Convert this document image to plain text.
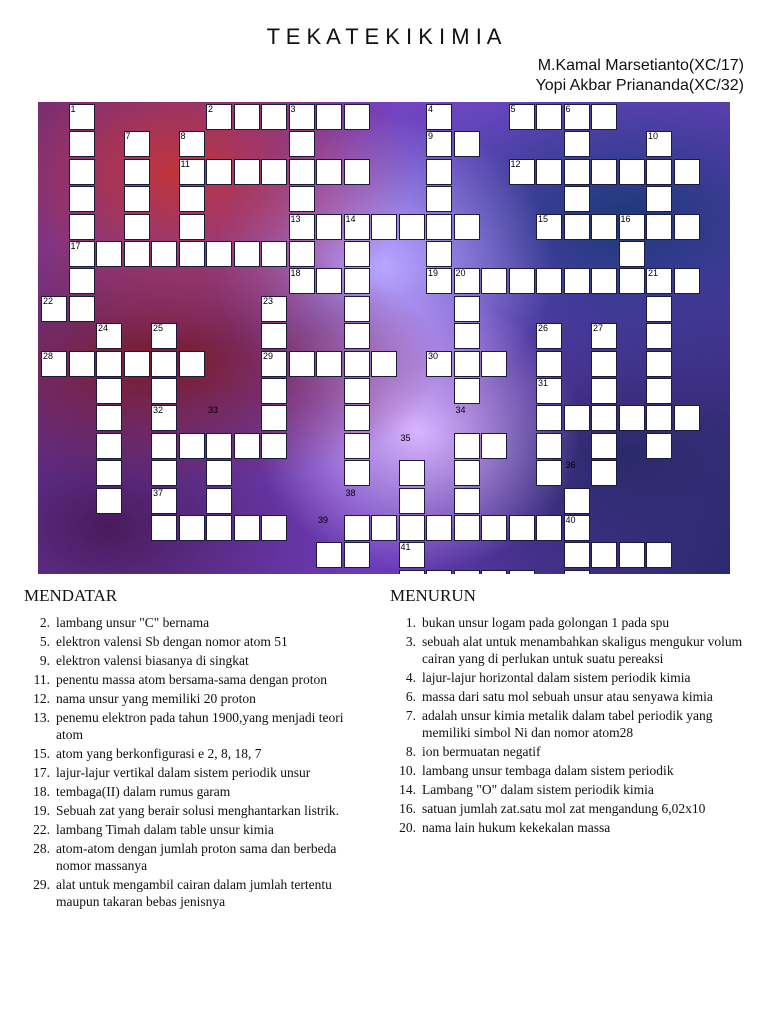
T E K A T E K I K I M I A
M.Kamal Marsetianto(XC/17)
Yopi Akbar Priananda(XC/32)
1	2	3	4	5	6
7	8	9	10
11	12
13	14	15	16
17
18	19 20	21
22	23
24	25	26	27
28	29	30
31
32	33	34
35
36
37	38
39	40
41
MENDATAR
2. lambang unsur "C" bernama
5. elektron valensi Sb dengan nomor atom 51
9. elektron valensi biasanya di singkat
11. penentu massa atom bersama-sama dengan proton
12. nama unsur yang memiliki 20 proton
13. penemu elektron pada tahun 1900,yang menjadi teori atom
15. atom yang berkonfigurasi e 2, 8, 18, 7
17. lajur-lajur vertikal dalam sistem periodik unsur
18. tembaga(II) dalam rumus garam
19. Sebuah zat yang berair solusi menghantarkan listrik.
22. lambang Timah dalam table unsur kimia
28. atom-atom dengan jumlah proton sama dan berbeda nomor massanya
29. alat untuk mengambil cairan dalam jumlah tertentu maupun takaran bebas jenisnya
MENURUN
1. bukan unsur logam pada golongan 1 pada spu
3. sebuah alat untuk menambahkan skaligus mengukur volum cairan yang di perlukan untuk suatu pereaksi
4. lajur-lajur horizontal dalam sistem periodik kimia
6. massa dari satu mol sebuah unsur atau senyawa kimia
7. adalah unsur kimia metalik dalam tabel periodik yang memiliki simbol Ni dan nomor atom28
8. ion bermuatan negatif
10. lambang unsur tembaga dalam sistem periodik
14. Lambang "O" dalam sistem periodik kimia
16. satuan jumlah zat.satu mol zat mengandung 6,02x10
20. nama lain hukum kekekalan massa
